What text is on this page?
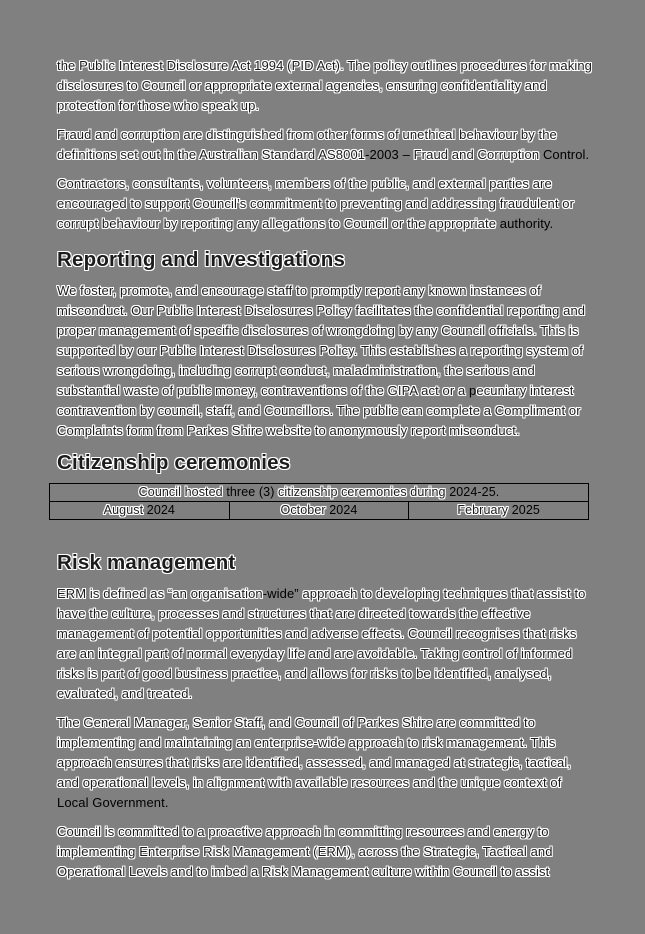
the Public Interest Disclosure Act 1994 (PID Act). The policy outlines procedures for making disclosures to Council or appropriate external agencies, ensuring confidentiality and protection for those who speak up.

Fraud and corruption are distinguished from other forms of unethical behaviour by the definitions set out in the Australian Standard AS8001-2003 – Fraud and Corruption Control.

Contractors, consultants, volunteers, members of the public, and external parties are encouraged to support Council’s commitment to preventing and addressing fraudulent or corrupt behaviour by reporting any allegations to Council or the appropriate authority.

Reporting and investigations

We foster, promote, and encourage staff to promptly report any known instances of misconduct. Our Public Interest Disclosures Policy facilitates the confidential reporting and proper management of specific disclosures of wrongdoing by any Council officials. This is supported by our Public Interest Disclosures Policy. This establishes a reporting system of serious wrongdoing, including corrupt conduct, maladministration, the serious and substantial waste of public money, contraventions of the GIPA act or a pecuniary interest contravention by council, staff, and Councillors. The public can complete a Compliment or Complaints form from Parkes Shire website to anonymously report misconduct.

Citizenship ceremonies
Council hosted three (3) citizenship ceremonies during 2024-25.
August 2024	October 2024	February 2025
Risk management

ERM is defined as “an organisation-wide” approach to developing techniques that assist to have the culture, processes and structures that are directed towards the effective management of potential opportunities and adverse effects. Council recognises that risks are an integral part of normal everyday life and are avoidable. Taking control of informed risks is part of good business practice, and allows for risks to be identified, analysed, evaluated, and treated.

The General Manager, Senior Staff, and Council of Parkes Shire are committed to implementing and maintaining an enterprise-wide approach to risk management. This approach ensures that risks are identified, assessed, and managed at strategic, tactical, and operational levels, in alignment with available resources and the unique context of Local Government.

Council is committed to a proactive approach in committing resources and energy to implementing Enterprise Risk Management (ERM), across the Strategic, Tactical and Operational Levels and to imbed a Risk Management culture within Council to assist
